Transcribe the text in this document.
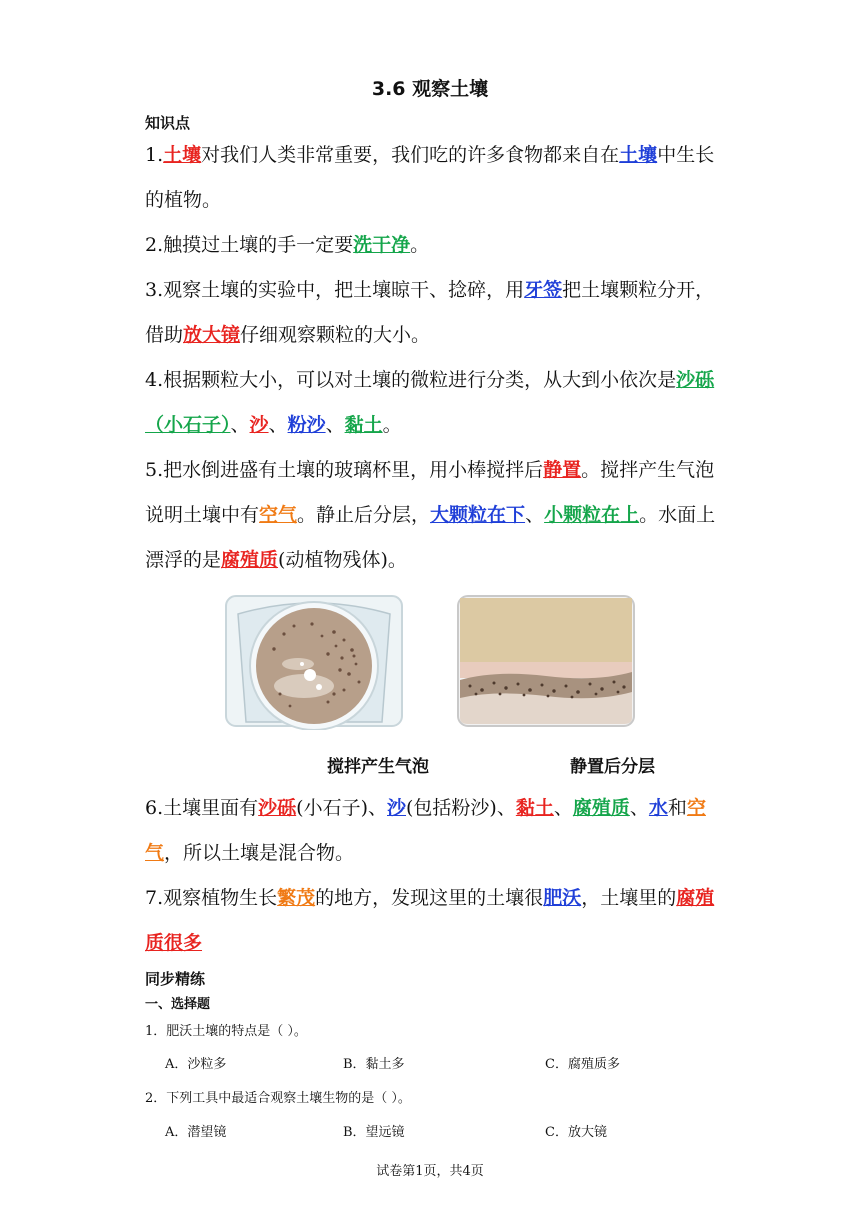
3.6 观察土壤
知识点
1.土壤对我们人类非常重要，我们吃的许多食物都来自在土壤中生长的植物。
2.触摸过土壤的手一定要洗干净。
3.观察土壤的实验中，把土壤晾干、捻碎，用牙签把土壤颗粒分开，借助放大镜仔细观察颗粒的大小。
4.根据颗粒大小，可以对土壤的微粒进行分类，从大到小依次是沙砾（小石子）、沙、粉沙、黏土。
5.把水倒进盛有土壤的玻璃杯里，用小棒搅拌后静置。搅拌产生气泡说明土壤中有空气。静止后分层，大颗粒在下、小颗粒在上。水面上漂浮的是腐殖质(动植物残体)。
搅拌产生气泡	静置后分层
6.土壤里面有沙砾(小石子)、沙(包括粉沙)、黏土、腐殖质、水和空气，所以土壤是混合物。
7.观察植物生长繁茂的地方，发现这里的土壤很肥沃，土壤里的腐殖质很多
同步精练
一、选择题
1．肥沃土壤的特点是（ ）。
A．沙粒多	B．黏土多	C．腐殖质多
2．下列工具中最适合观察土壤生物的是（ ）。
A．潜望镜	B．望远镜	C．放大镜
试卷第1页，共4页
